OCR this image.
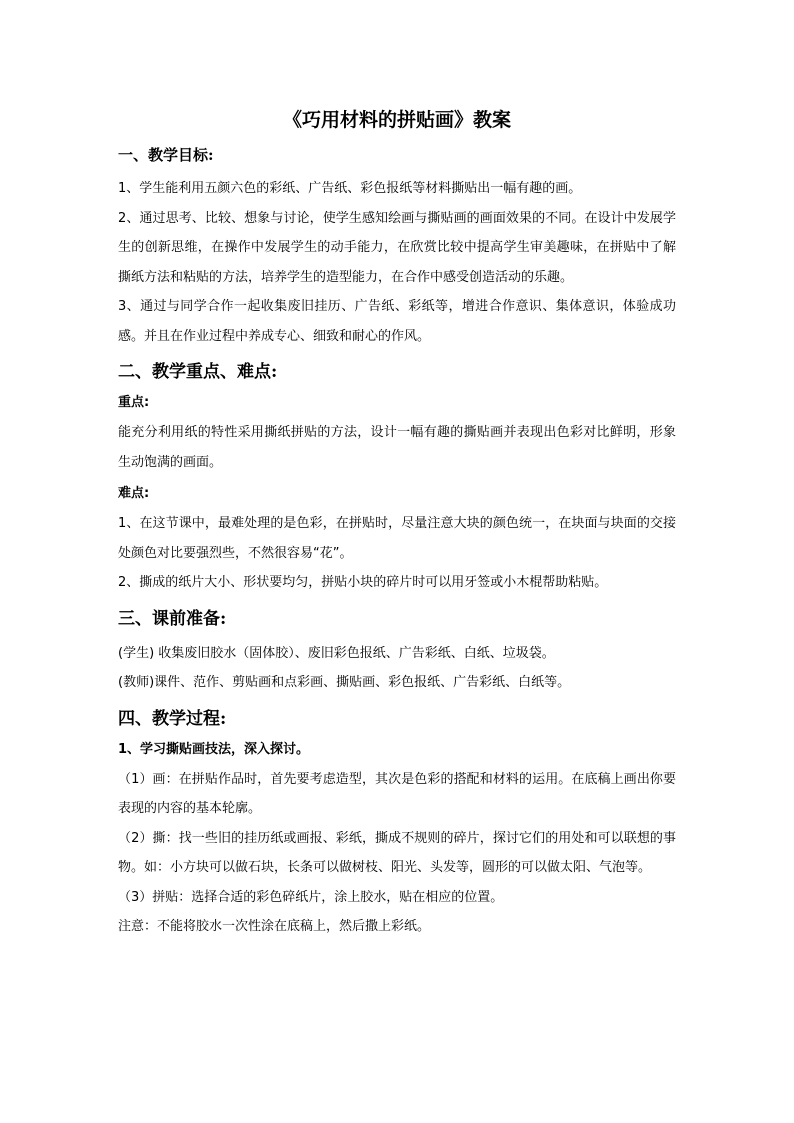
《巧用材料的拼贴画》教案
一、教学目标:

1、学生能利用五颜六色的彩纸、广告纸、彩色报纸等材料撕贴出一幅有趣的画。

2、通过思考、比较、想象与讨论，使学生感知绘画与撕贴画的画面效果的不同。在设计中发展学生的创新思维，在操作中发展学生的动手能力，在欣赏比较中提高学生审美趣味，在拼贴中了解撕纸方法和粘贴的方法，培养学生的造型能力，在合作中感受创造活动的乐趣。

3、通过与同学合作一起收集废旧挂历、广告纸、彩纸等，增进合作意识、集体意识，体验成功感。并且在作业过程中养成专心、细致和耐心的作风。

二、教学重点、难点:
重点:

能充分利用纸的特性采用撕纸拼贴的方法，设计一幅有趣的撕贴画并表现出色彩对比鲜明，形象生动饱满的画面。

难点:

1、在这节课中，最难处理的是色彩，在拼贴时，尽量注意大块的颜色统一，在块面与块面的交接处颜色对比要强烈些，不然很容易“花”。

2、撕成的纸片大小、形状要均匀，拼贴小块的碎片时可以用牙签或小木棍帮助粘贴。

三、课前准备:

(学生) 收集废旧胶水（固体胶）、废旧彩色报纸、广告彩纸、白纸、垃圾袋。

(教师)课件、范作、剪贴画和点彩画、撕贴画、彩色报纸、广告彩纸、白纸等。

四、教学过程:
1、学习撕贴画技法，深入探讨。

（1）画：在拼贴作品时，首先要考虑造型，其次是色彩的搭配和材料的运用。在底稿上画出你要表现的内容的基本轮廓。

（2）撕：找一些旧的挂历纸或画报、彩纸，撕成不规则的碎片，探讨它们的用处和可以联想的事物。如：小方块可以做石块，长条可以做树枝、阳光、头发等，圆形的可以做太阳、气泡等。

（3）拼贴：选择合适的彩色碎纸片，涂上胶水，贴在相应的位置。

注意：不能将胶水一次性涂在底稿上，然后撒上彩纸。
